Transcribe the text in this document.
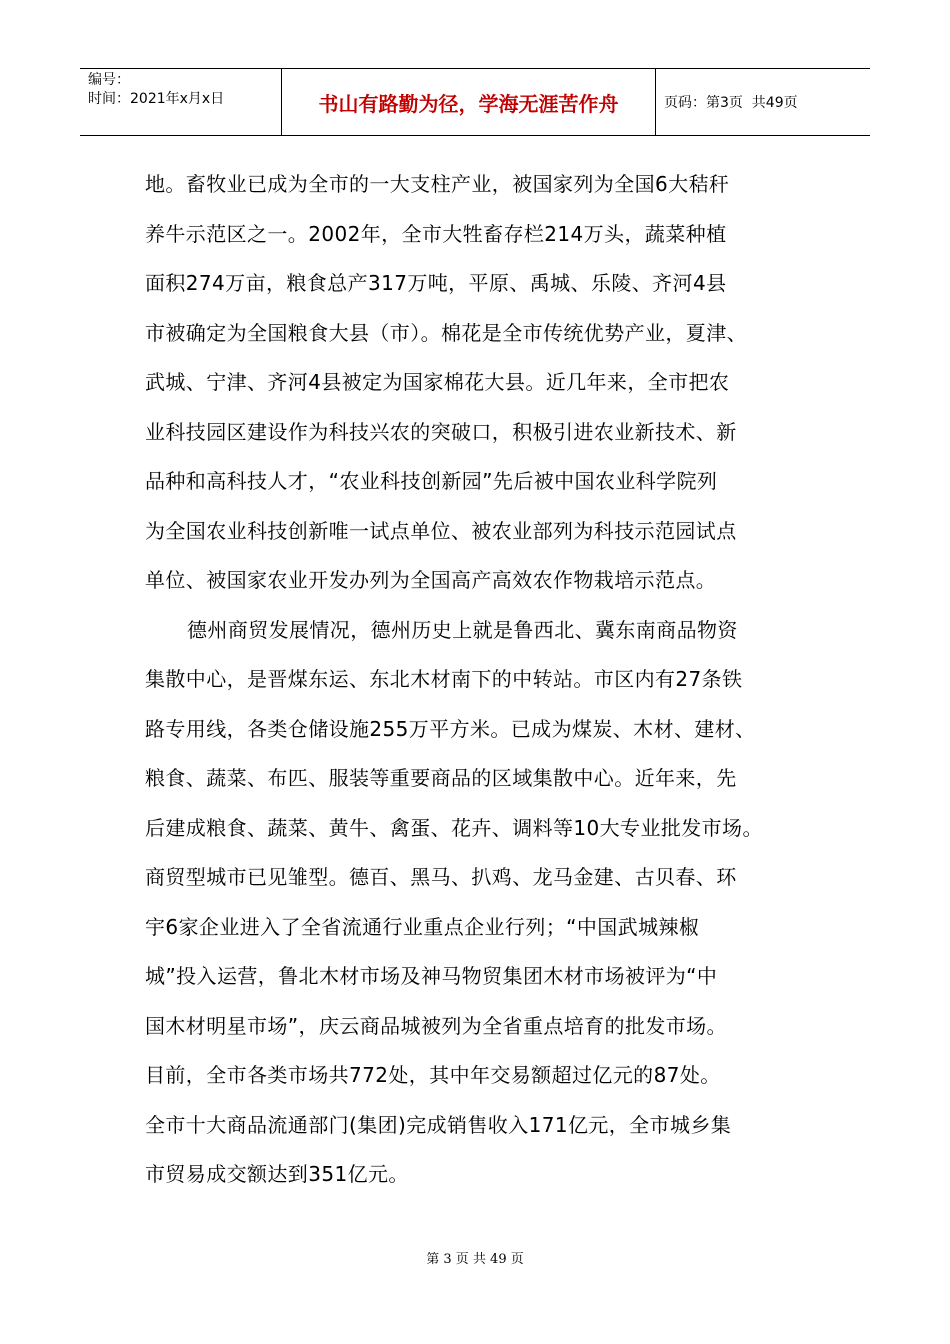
编号：
时间：2021年x月x日	书山有路勤为径，学海无涯苦作舟	页码：第3页  共49页
地。畜牧业已成为全市的一大支柱产业，被国家列为全国6大秸秆
养牛示范区之一。2002年，全市大牲畜存栏214万头，蔬菜种植
面积274万亩，粮食总产317万吨，平原、禹城、乐陵、齐河4县
市被确定为全国粮食大县（市）。棉花是全市传统优势产业，夏津、
武城、宁津、齐河4县被定为国家棉花大县。近几年来，全市把农
业科技园区建设作为科技兴农的突破口，积极引进农业新技术、新
品种和高科技人才，“农业科技创新园”先后被中国农业科学院列
为全国农业科技创新唯一试点单位、被农业部列为科技示范园试点
单位、被国家农业开发办列为全国高产高效农作物栽培示范点。
德州商贸发展情况，德州历史上就是鲁西北、冀东南商品物资
集散中心，是晋煤东运、东北木材南下的中转站。市区内有27条铁
路专用线，各类仓储设施255万平方米。已成为煤炭、木材、建材、
粮食、蔬菜、布匹、服装等重要商品的区域集散中心。近年来，先
后建成粮食、蔬菜、黄牛、禽蛋、花卉、调料等10大专业批发市场。
商贸型城市已见雏型。德百、黑马、扒鸡、龙马金建、古贝春、环
宇6家企业进入了全省流通行业重点企业行列；“中国武城辣椒
城”投入运营，鲁北木材市场及神马物贸集团木材市场被评为“中
国木材明星市场”，庆云商品城被列为全省重点培育的批发市场。
目前，全市各类市场共772处，其中年交易额超过亿元的87处。
全市十大商品流通部门(集团)完成销售收入171亿元，全市城乡集
市贸易成交额达到351亿元。
第 3 页 共 49 页
